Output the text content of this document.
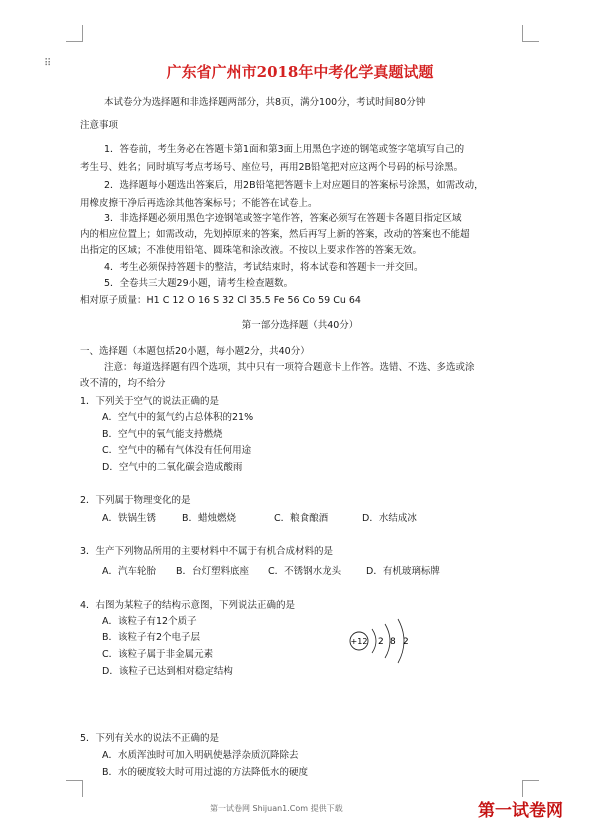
⠿	广东省广州市2018年中考化学真题试题
本试卷分为选择题和非选择题两部分，共8页，满分100分，考试时间80分钟
注意事项
1．答卷前，考生务必在答题卡第1面和第3面上用黑色字迹的钢笔或签字笔填写自己的
考生号、姓名；同时填写考点考场号、座位号，再用2B铅笔把对应这两个号码的标号涂黑。
2．选择题每小题选出答案后，用2B铅笔把答题卡上对应题目的答案标号涂黑，如需改动，
用橡皮擦干净后再选涂其他答案标号；不能答在试卷上。
3．非选择题必须用黑色字迹钢笔或签字笔作答，答案必须写在答题卡各题目指定区域
内的相应位置上；如需改动，先划掉原来的答案，然后再写上新的答案，改动的答案也不能超
出指定的区域；不准使用铅笔、圆珠笔和涂改液。不按以上要求作答的答案无效。
4．考生必须保持答题卡的整洁，考试结束时，将本试卷和答题卡一并交回。
5．全卷共三大题29小题，请考生检查题数。
相对原子质量：H1 C 12 O 16 S 32 Cl 35.5 Fe 56 Co 59 Cu 64
第一部分选择题（共40分）
一、选择题（本题包括20小题，每小题2分，共40分）
注意：每道选择题有四个选项，其中只有一项符合题意卡上作答。选错、不选、多选或涂
改不清的，均不给分
1．下列关于空气的说法正确的是
A．空气中的氮气约占总体积的21%
B．空气中的氧气能支持燃烧
C．空气中的稀有气体没有任何用途
D．空气中的二氧化碳会造成酸雨
2．下列属于物理变化的是
A．铁锅生锈	B．蜡烛燃烧	C．粮食酿酒	D．水结成冰
3．生产下列物品所用的主要材料中不属于有机合成材料的是
A．汽车轮胎 B．台灯塑料底座 C．不锈钢水龙头	D．有机玻璃标牌
4．右图为某粒子的结构示意图，下列说法正确的是
A．该粒子有12个质子
B．该粒子有2个电子层
C．该粒子属于非金属元素
D．该粒子已达到相对稳定结构
+12 2 8 2
5．下列有关水的说法不正确的是
A．水质浑浊时可加入明矾使悬浮杂质沉降除去
B．水的硬度较大时可用过滤的方法降低水的硬度
第一试卷网 Shijuan1.Com 提供下载	第一试卷网
